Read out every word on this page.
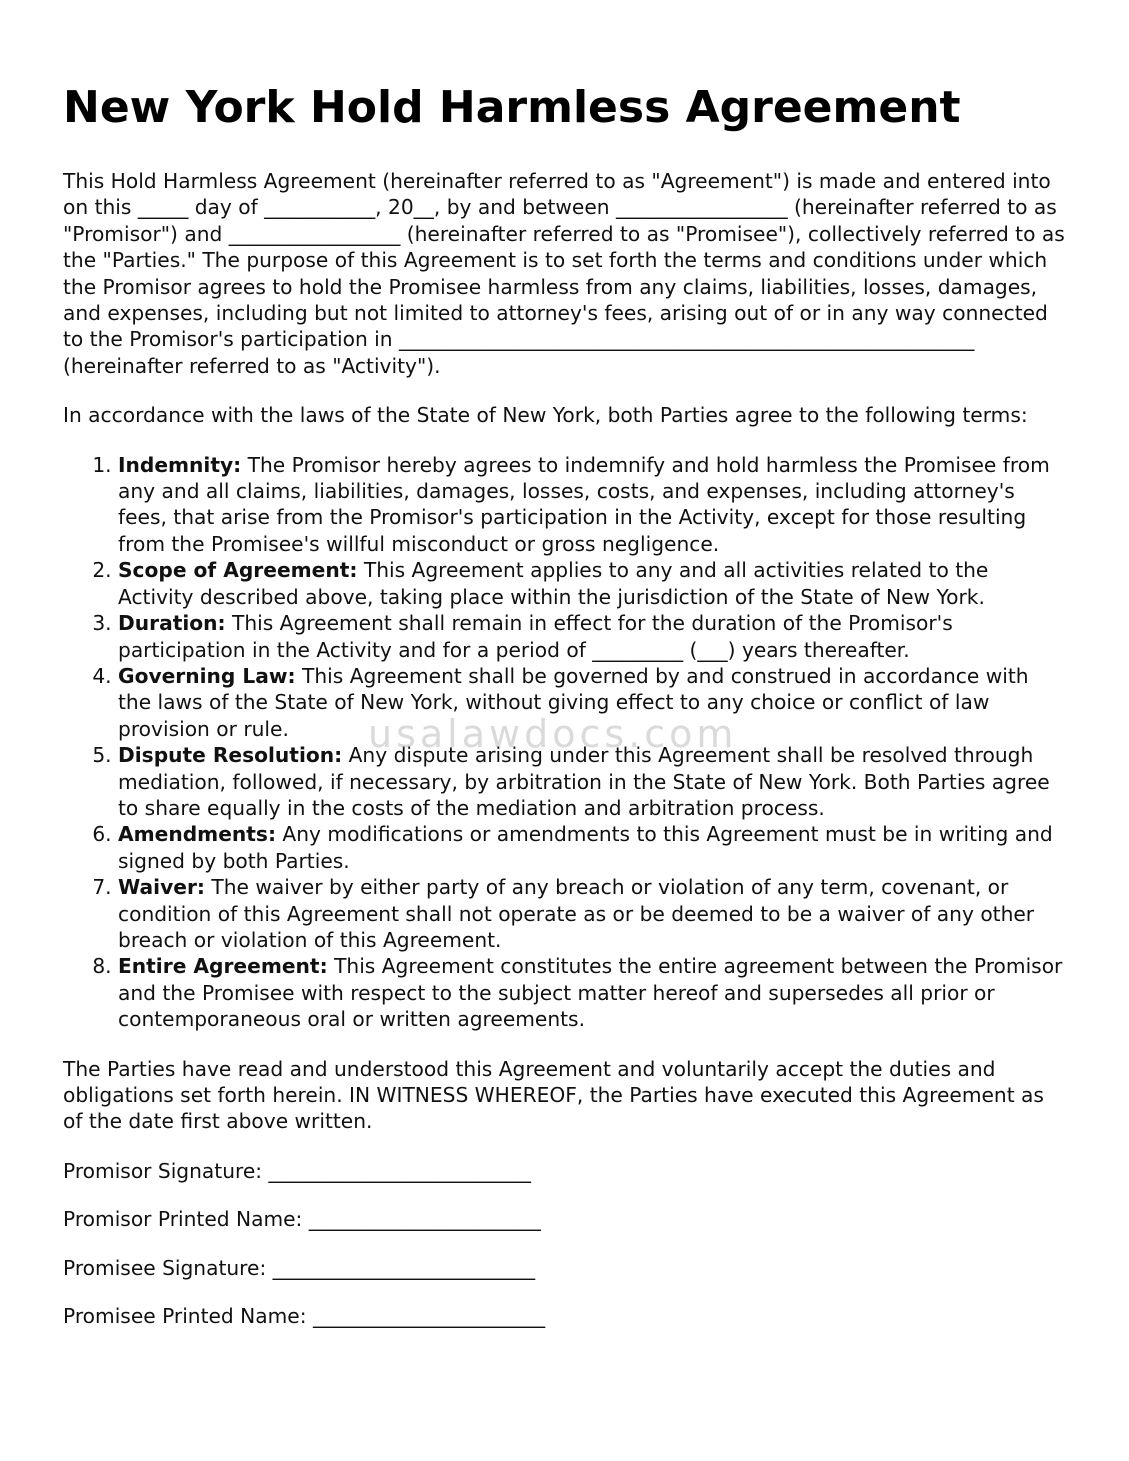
New York Hold Harmless Agreement

This Hold Harmless Agreement (hereinafter referred to as "Agreement") is made and entered into on this _____ day of ___________, 20__, by and between _________________ (hereinafter referred to as "Promisor") and _________________ (hereinafter referred to as "Promisee"), collectively referred to as the "Parties." The purpose of this Agreement is to set forth the terms and conditions under which the Promisor agrees to hold the Promisee harmless from any claims, liabilities, losses, damages, and expenses, including but not limited to attorney's fees, arising out of or in any way connected to the Promisor's participation in _________________________________________________________ (hereinafter referred to as "Activity").

In accordance with the laws of the State of New York, both Parties agree to the following terms:

1. Indemnity: The Promisor hereby agrees to indemnify and hold harmless the Promisee from any and all claims, liabilities, damages, losses, costs, and expenses, including attorney's fees, that arise from the Promisor's participation in the Activity, except for those resulting from the Promisee's willful misconduct or gross negligence.
2. Scope of Agreement: This Agreement applies to any and all activities related to the Activity described above, taking place within the jurisdiction of the State of New York.
3. Duration: This Agreement shall remain in effect for the duration of the Promisor's participation in the Activity and for a period of _________ (___) years thereafter.
4. Governing Law: This Agreement shall be governed by and construed in accordance with the laws of the State of New York, without giving effect to any choice or conflict of law provision or rule.
5. Dispute Resolution: Any dispute arising under this Agreement shall be resolved through mediation, followed, if necessary, by arbitration in the State of New York. Both Parties agree to share equally in the costs of the mediation and arbitration process.
6. Amendments: Any modifications or amendments to this Agreement must be in writing and signed by both Parties.
7. Waiver: The waiver by either party of any breach or violation of any term, covenant, or condition of this Agreement shall not operate as or be deemed to be a waiver of any other breach or violation of this Agreement.
8. Entire Agreement: This Agreement constitutes the entire agreement between the Promisor and the Promisee with respect to the subject matter hereof and supersedes all prior or contemporaneous oral or written agreements.

The Parties have read and understood this Agreement and voluntarily accept the duties and obligations set forth herein. IN WITNESS WHEREOF, the Parties have executed this Agreement as of the date first above written.

Promisor Signature: __________________________
Promisor Printed Name: _______________________
Promisee Signature: __________________________
Promisee Printed Name: _______________________
usalawdocs.com
